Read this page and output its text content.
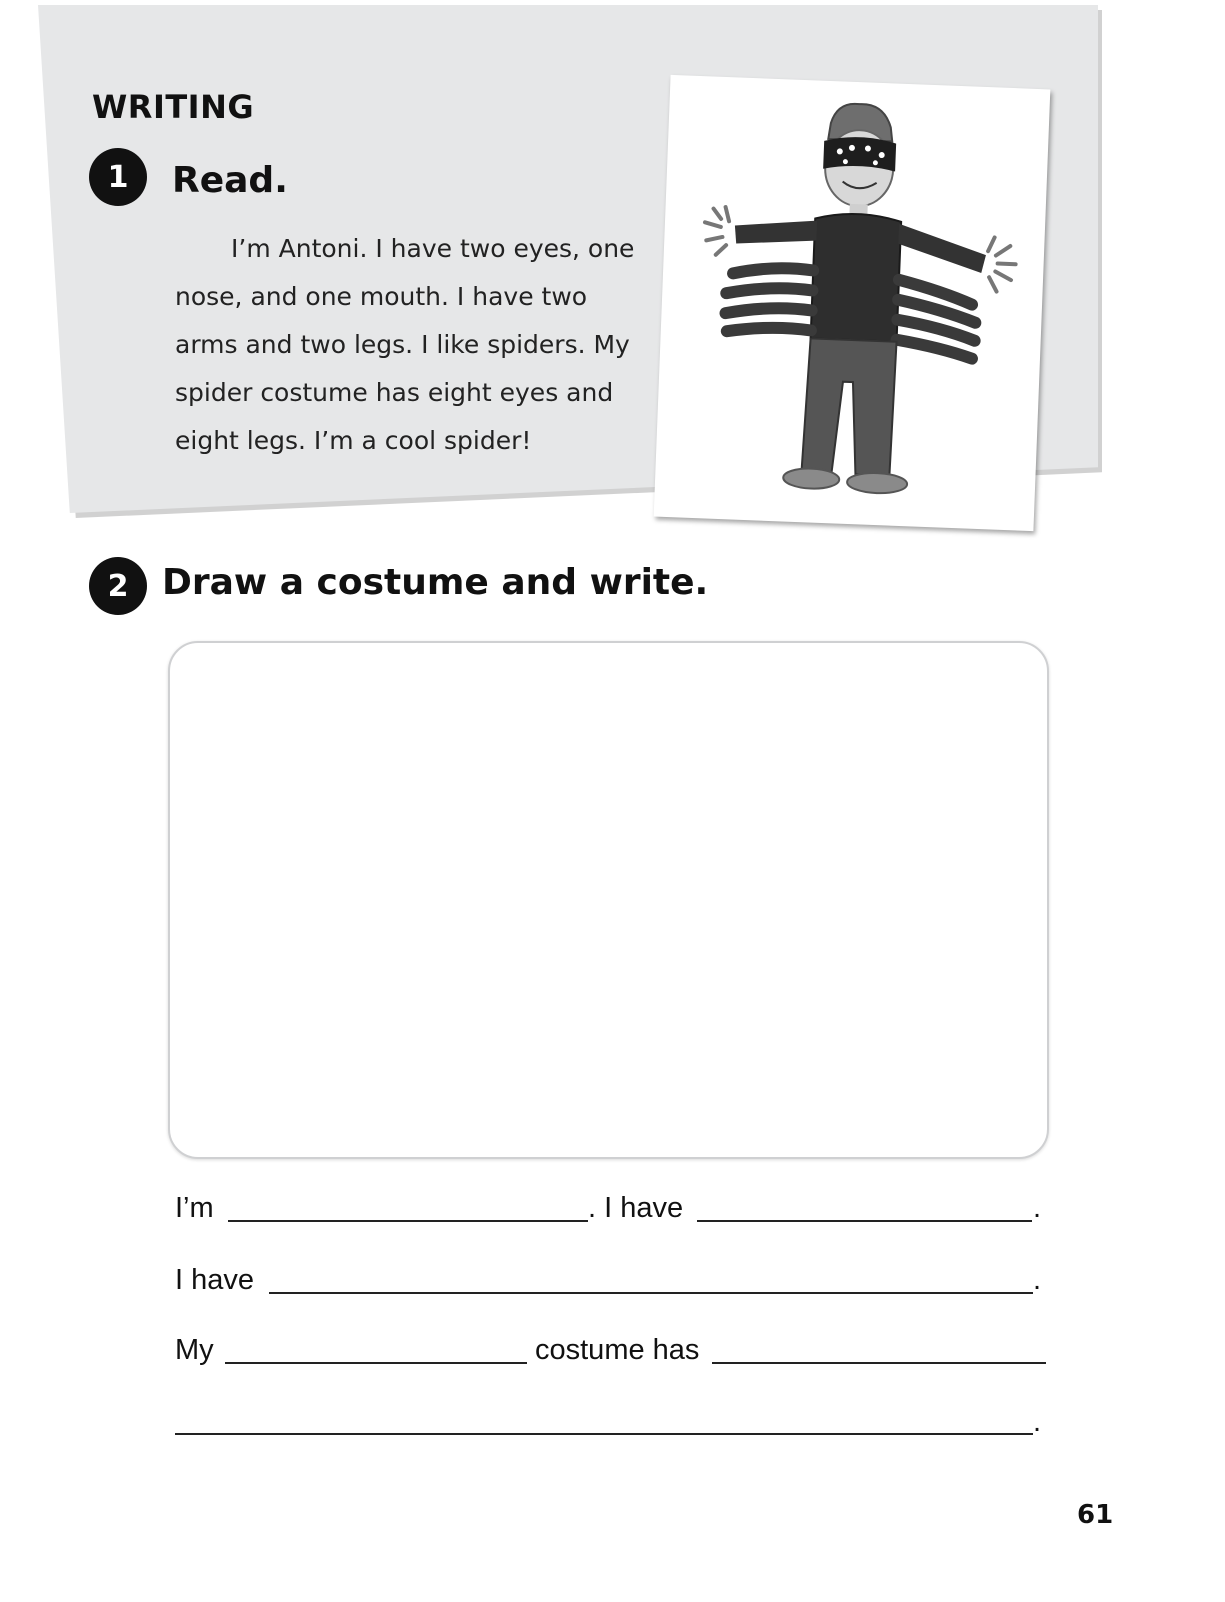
WRITING
1	Read.

I’m Antoni. I have two eyes, one nose, and one mouth. I have two arms and two legs. I like spiders. My spider costume has eight eyes and eight legs. I’m a cool spider!

2 Draw a costume and write.
I’m	. I have	.
I have	.
My	costume has
.
61
